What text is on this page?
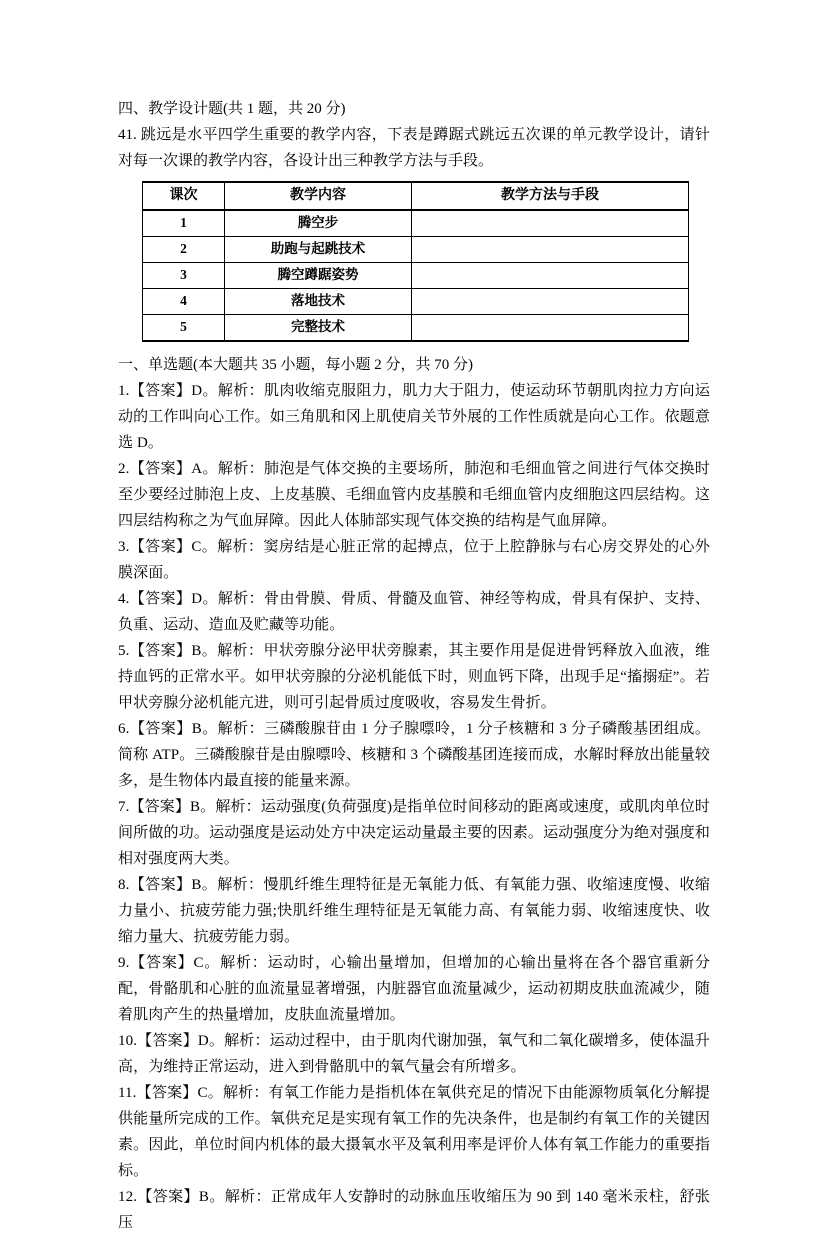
四、教学设计题(共 1 题，共 20 分)
41. 跳远是水平四学生重要的教学内容，下表是蹲踞式跳远五次课的单元教学设计，请针对每一次课的教学内容，各设计出三种教学方法与手段。
课次	教学内容	教学方法与手段
1	腾空步	
2	助跑与起跳技术	
3	腾空蹲踞姿势	
4	落地技术	
5	完整技术	
一、单选题(本大题共 35 小题，每小题 2 分，共 70 分)

1.【答案】D。解析：肌肉收缩克服阻力，肌力大于阻力，使运动环节朝肌肉拉力方向运动的工作叫向心工作。如三角肌和冈上肌使肩关节外展的工作性质就是向心工作。依题意选 D。

2.【答案】A。解析：肺泡是气体交换的主要场所，肺泡和毛细血管之间进行气体交换时至少要经过肺泡上皮、上皮基膜、毛细血管内皮基膜和毛细血管内皮细胞这四层结构。这四层结构称之为气血屏障。因此人体肺部实现气体交换的结构是气血屏障。

3.【答案】C。解析：窦房结是心脏正常的起搏点，位于上腔静脉与右心房交界处的心外膜深面。

4.【答案】D。解析：骨由骨膜、骨质、骨髓及血管、神经等构成，骨具有保护、支持、负重、运动、造血及贮藏等功能。

5.【答案】B。解析：甲状旁腺分泌甲状旁腺素，其主要作用是促进骨钙释放入血液，维持血钙的正常水平。如甲状旁腺的分泌机能低下时，则血钙下降，出现手足“搐搦症”。若甲状旁腺分泌机能亢进，则可引起骨质过度吸收，容易发生骨折。

6.【答案】B。解析：三磷酸腺苷由 1 分子腺嘌呤，1 分子核糖和 3 分子磷酸基团组成。简称 ATP。三磷酸腺苷是由腺嘌呤、核糖和 3 个磷酸基团连接而成，水解时释放出能量较多，是生物体内最直接的能量来源。

7.【答案】B。解析：运动强度(负荷强度)是指单位时间移动的距离或速度，或肌肉单位时间所做的功。运动强度是运动处方中决定运动量最主要的因素。运动强度分为绝对强度和相对强度两大类。

8.【答案】B。解析：慢肌纤维生理特征是无氧能力低、有氧能力强、收缩速度慢、收缩力量小、抗疲劳能力强;快肌纤维生理特征是无氧能力高、有氧能力弱、收缩速度快、收缩力量大、抗疲劳能力弱。

9.【答案】C。解析：运动时，心输出量增加，但增加的心输出量将在各个器官重新分配，骨骼肌和心脏的血流量显著增强，内脏器官血流量减少，运动初期皮肤血流减少，随着肌肉产生的热量增加，皮肤血流量增加。

10.【答案】D。解析：运动过程中，由于肌肉代谢加强，氧气和二氧化碳增多，使体温升高，为维持正常运动，进入到骨骼肌中的氧气量会有所增多。

11.【答案】C。解析：有氧工作能力是指机体在氧供充足的情况下由能源物质氧化分解提供能量所完成的工作。氧供充足是实现有氧工作的先决条件，也是制约有氧工作的关键因素。因此，单位时间内机体的最大摄氧水平及氧利用率是评价人体有氧工作能力的重要指标。

12.【答案】B。解析：正常成年人安静时的动脉血压收缩压为 90 到 140 毫米汞柱，舒张压
